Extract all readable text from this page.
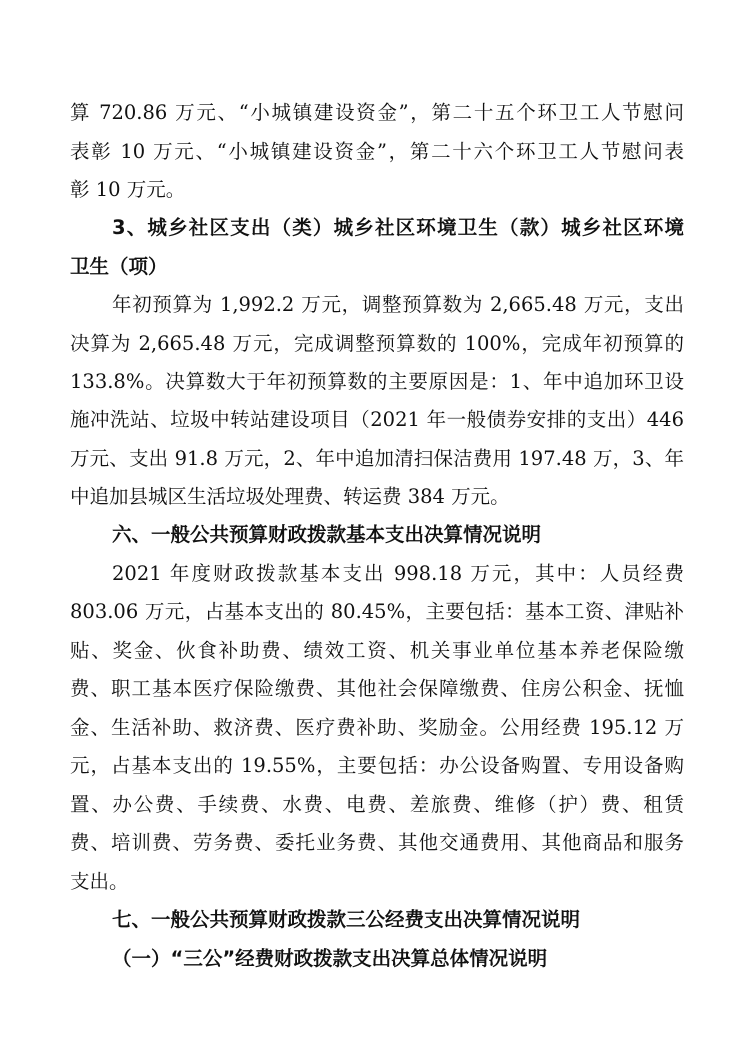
算 720.86 万元、“小城镇建设资金”，第二十五个环卫工人节慰问
表彰 10 万元、“小城镇建设资金”，第二十六个环卫工人节慰问表
彰 10 万元。
3、城乡社区支出（类）城乡社区环境卫生（款）城乡社区环境
卫生（项）
年初预算为 1,992.2 万元，调整预算数为 2,665.48 万元，支出
决算为 2,665.48 万元，完成调整预算数的 100%，完成年初预算的
133.8%。决算数大于年初预算数的主要原因是：1、年中追加环卫设
施冲洗站、垃圾中转站建设项目（2021 年一般债券安排的支出）446
万元、支出 91.8 万元，2、年中追加清扫保洁费用 197.48 万，3、年
中追加县城区生活垃圾处理费、转运费 384 万元。
六、一般公共预算财政拨款基本支出决算情况说明
2021 年度财政拨款基本支出 998.18 万元，其中：人员经费
803.06 万元，占基本支出的 80.45%，主要包括：基本工资、津贴补
贴、奖金、伙食补助费、绩效工资、机关事业单位基本养老保险缴
费、职工基本医疗保险缴费、其他社会保障缴费、住房公积金、抚恤
金、生活补助、救济费、医疗费补助、奖励金。公用经费 195.12 万
元，占基本支出的 19.55%，主要包括：办公设备购置、专用设备购
置、办公费、手续费、水费、电费、差旅费、维修（护）费、租赁
费、培训费、劳务费、委托业务费、其他交通费用、其他商品和服务
支出。
七、一般公共预算财政拨款三公经费支出决算情况说明
（一）“三公”经费财政拨款支出决算总体情况说明
